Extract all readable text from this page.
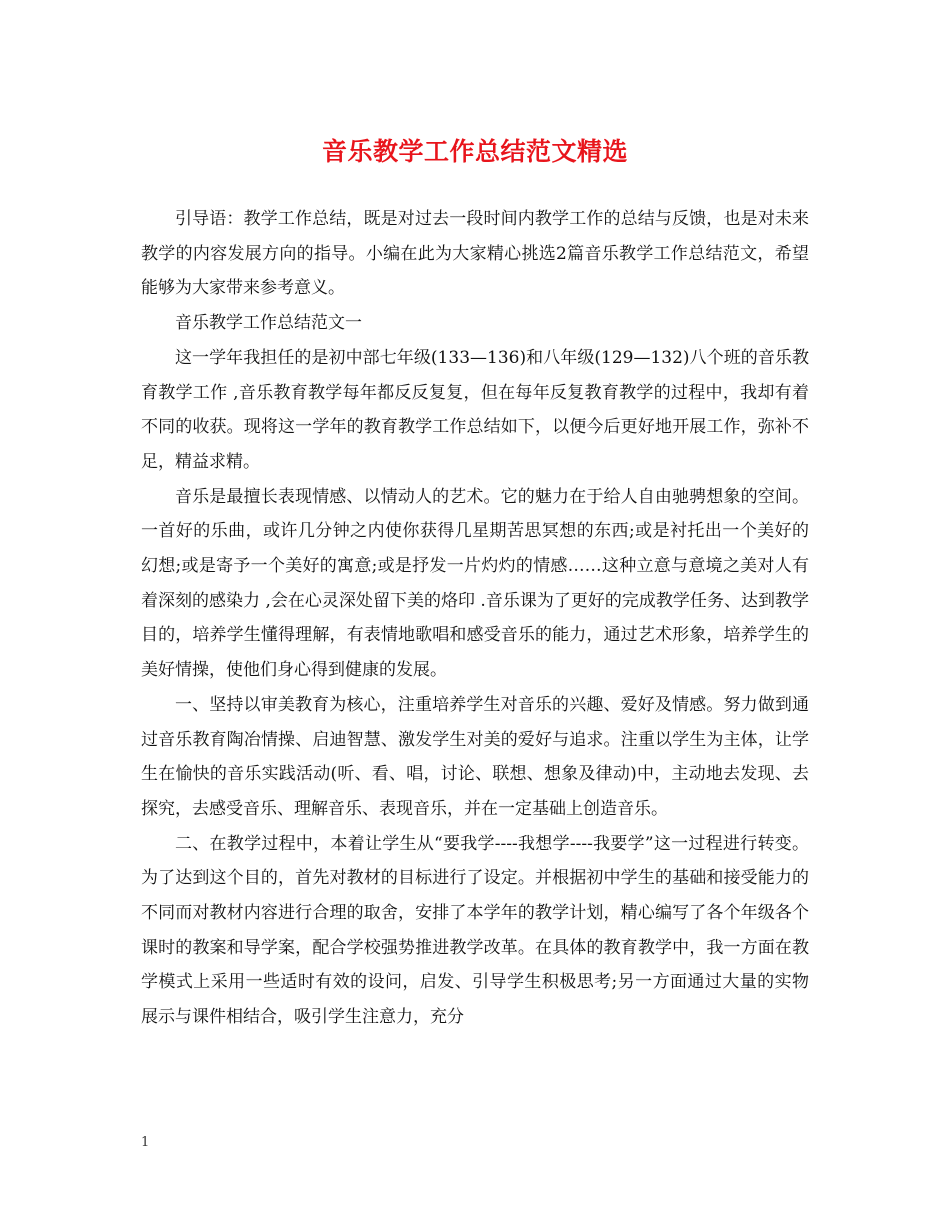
音乐教学工作总结范文精选

引导语：教学工作总结，既是对过去一段时间内教学工作的总结与反馈，也是对未来教学的内容发展方向的指导。小编在此为大家精心挑选2篇音乐教学工作总结范文，希望能够为大家带来参考意义。

音乐教学工作总结范文一

这一学年我担任的是初中部七年级(133—136)和八年级(129—132)八个班的音乐教育教学工作 ,音乐教育教学每年都反反复复，但在每年反复教育教学的过程中，我却有着不同的收获。现将这一学年的教育教学工作总结如下，以便今后更好地开展工作，弥补不足，精益求精。

音乐是最擅长表现情感、以情动人的艺术。它的魅力在于给人自由驰骋想象的空间。一首好的乐曲，或许几分钟之内使你获得几星期苦思冥想的东西;或是衬托出一个美好的幻想;或是寄予一个美好的寓意;或是抒发一片灼灼的情感……这种立意与意境之美对人有着深刻的感染力 ,会在心灵深处留下美的烙印 .音乐课为了更好的完成教学任务、达到教学目的，培养学生懂得理解，有表情地歌唱和感受音乐的能力，通过艺术形象，培养学生的美好情操，使他们身心得到健康的发展。

一、坚持以审美教育为核心，注重培养学生对音乐的兴趣、爱好及情感。努力做到通过音乐教育陶冶情操、启迪智慧、激发学生对美的爱好与追求。注重以学生为主体，让学生在愉快的音乐实践活动(听、看、唱，讨论、联想、想象及律动)中，主动地去发现、去探究，去感受音乐、理解音乐、表现音乐，并在一定基础上创造音乐。

二、在教学过程中，本着让学生从“要我学----我想学----我要学”这一过程进行转变。为了达到这个目的，首先对教材的目标进行了设定。并根据初中学生的基础和接受能力的不同而对教材内容进行合理的取舍，安排了本学年的教学计划，精心编写了各个年级各个课时的教案和导学案，配合学校强势推进教学改革。在具体的教育教学中，我一方面在教学模式上采用一些适时有效的设问，启发、引导学生积极思考;另一方面通过大量的实物展示与课件相结合，吸引学生注意力，充分

1
